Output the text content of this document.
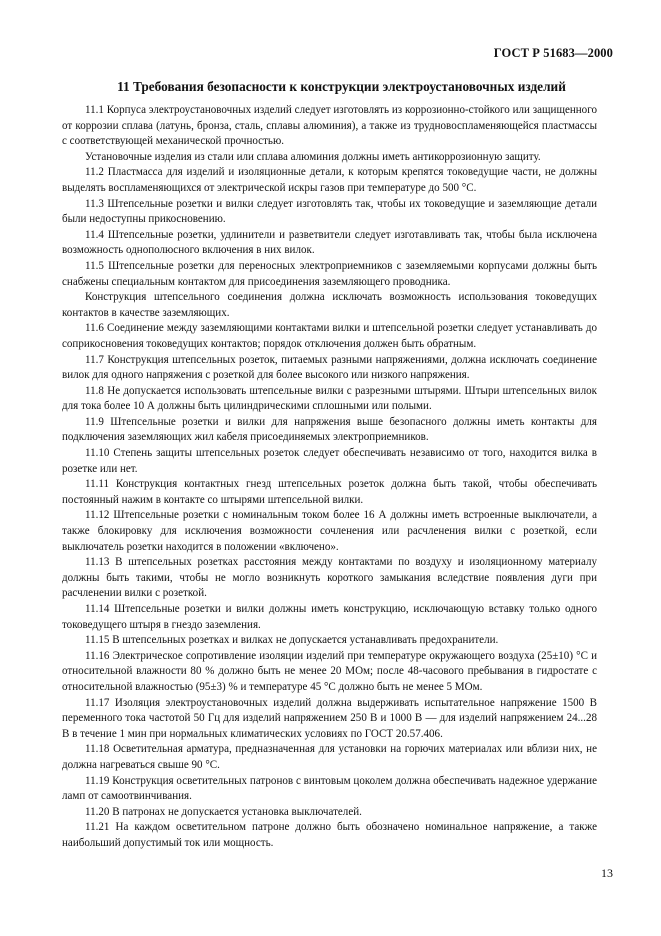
ГОСТ Р 51683—2000
11 Требования безопасности к конструкции электроустановочных изделий

11.1 Корпуса электроустановочных изделий следует изготовлять из коррозионно-стойкого или защищенного от коррозии сплава (латунь, бронза, сталь, сплавы алюминия), а также из трудновоспламеняющейся пластмассы с соответствующей механической прочностью.

Установочные изделия из стали или сплава алюминия должны иметь антикоррозионную защиту.

11.2 Пластмасса для изделий и изоляционные детали, к которым крепятся токоведущие части, не должны выделять воспламеняющихся от электрической искры газов при температуре до 500 °С.

11.3 Штепсельные розетки и вилки следует изготовлять так, чтобы их токоведущие и заземляющие детали были недоступны прикосновению.

11.4 Штепсельные розетки, удлинители и разветвители следует изготавливать так, чтобы была исключена возможность однополюсного включения в них вилок.

11.5 Штепсельные розетки для переносных электроприемников с заземляемыми корпусами должны быть снабжены специальным контактом для присоединения заземляющего проводника.

Конструкция штепсельного соединения должна исключать возможность использования токоведущих контактов в качестве заземляющих.

11.6 Соединение между заземляющими контактами вилки и штепсельной розетки следует устанавливать до соприкосновения токоведущих контактов; порядок отключения должен быть обратным.

11.7 Конструкция штепсельных розеток, питаемых разными напряжениями, должна исключать соединение вилок для одного напряжения с розеткой для более высокого или низкого напряжения.

11.8 Не допускается использовать штепсельные вилки с разрезными штырями. Штыри штепсельных вилок для тока более 10 А должны быть цилиндрическими сплошными или полыми.

11.9 Штепсельные розетки и вилки для напряжения выше безопасного должны иметь контакты для подключения заземляющих жил кабеля присоединяемых электроприемников.

11.10 Степень защиты штепсельных розеток следует обеспечивать независимо от того, находится вилка в розетке или нет.

11.11 Конструкция контактных гнезд штепсельных розеток должна быть такой, чтобы обеспечивать постоянный нажим в контакте со штырями штепсельной вилки.

11.12 Штепсельные розетки с номинальным током более 16 А должны иметь встроенные выключатели, а также блокировку для исключения возможности сочленения или расчленения вилки с розеткой, если выключатель розетки находится в положении «включено».

11.13 В штепсельных розетках расстояния между контактами по воздуху и изоляционному материалу должны быть такими, чтобы не могло возникнуть короткого замыкания вследствие появления дуги при расчленении вилки с розеткой.

11.14 Штепсельные розетки и вилки должны иметь конструкцию, исключающую вставку только одного токоведущего штыря в гнездо заземления.

11.15 В штепсельных розетках и вилках не допускается устанавливать предохранители.

11.16 Электрическое сопротивление изоляции изделий при температуре окружающего воздуха (25±10) °С и относительной влажности 80 % должно быть не менее 20 МОм; после 48-часового пребывания в гидростате с относительной влажностью (95±3) % и температуре 45 °С должно быть не менее 5 МОм.

11.17 Изоляция электроустановочных изделий должна выдерживать испытательное напряжение 1500 В переменного тока частотой 50 Гц для изделий напряжением 250 В и 1000 В — для изделий напряжением 24...28 В в течение 1 мин при нормальных климатических условиях по ГОСТ 20.57.406.

11.18 Осветительная арматура, предназначенная для установки на горючих материалах или вблизи них, не должна нагреваться свыше 90 °С.

11.19 Конструкция осветительных патронов с винтовым цоколем должна обеспечивать надежное удержание ламп от самоотвинчивания.

11.20 В патронах не допускается установка выключателей.

11.21 На каждом осветительном патроне должно быть обозначено номинальное напряжение, а также наибольший допустимый ток или мощность.

13
